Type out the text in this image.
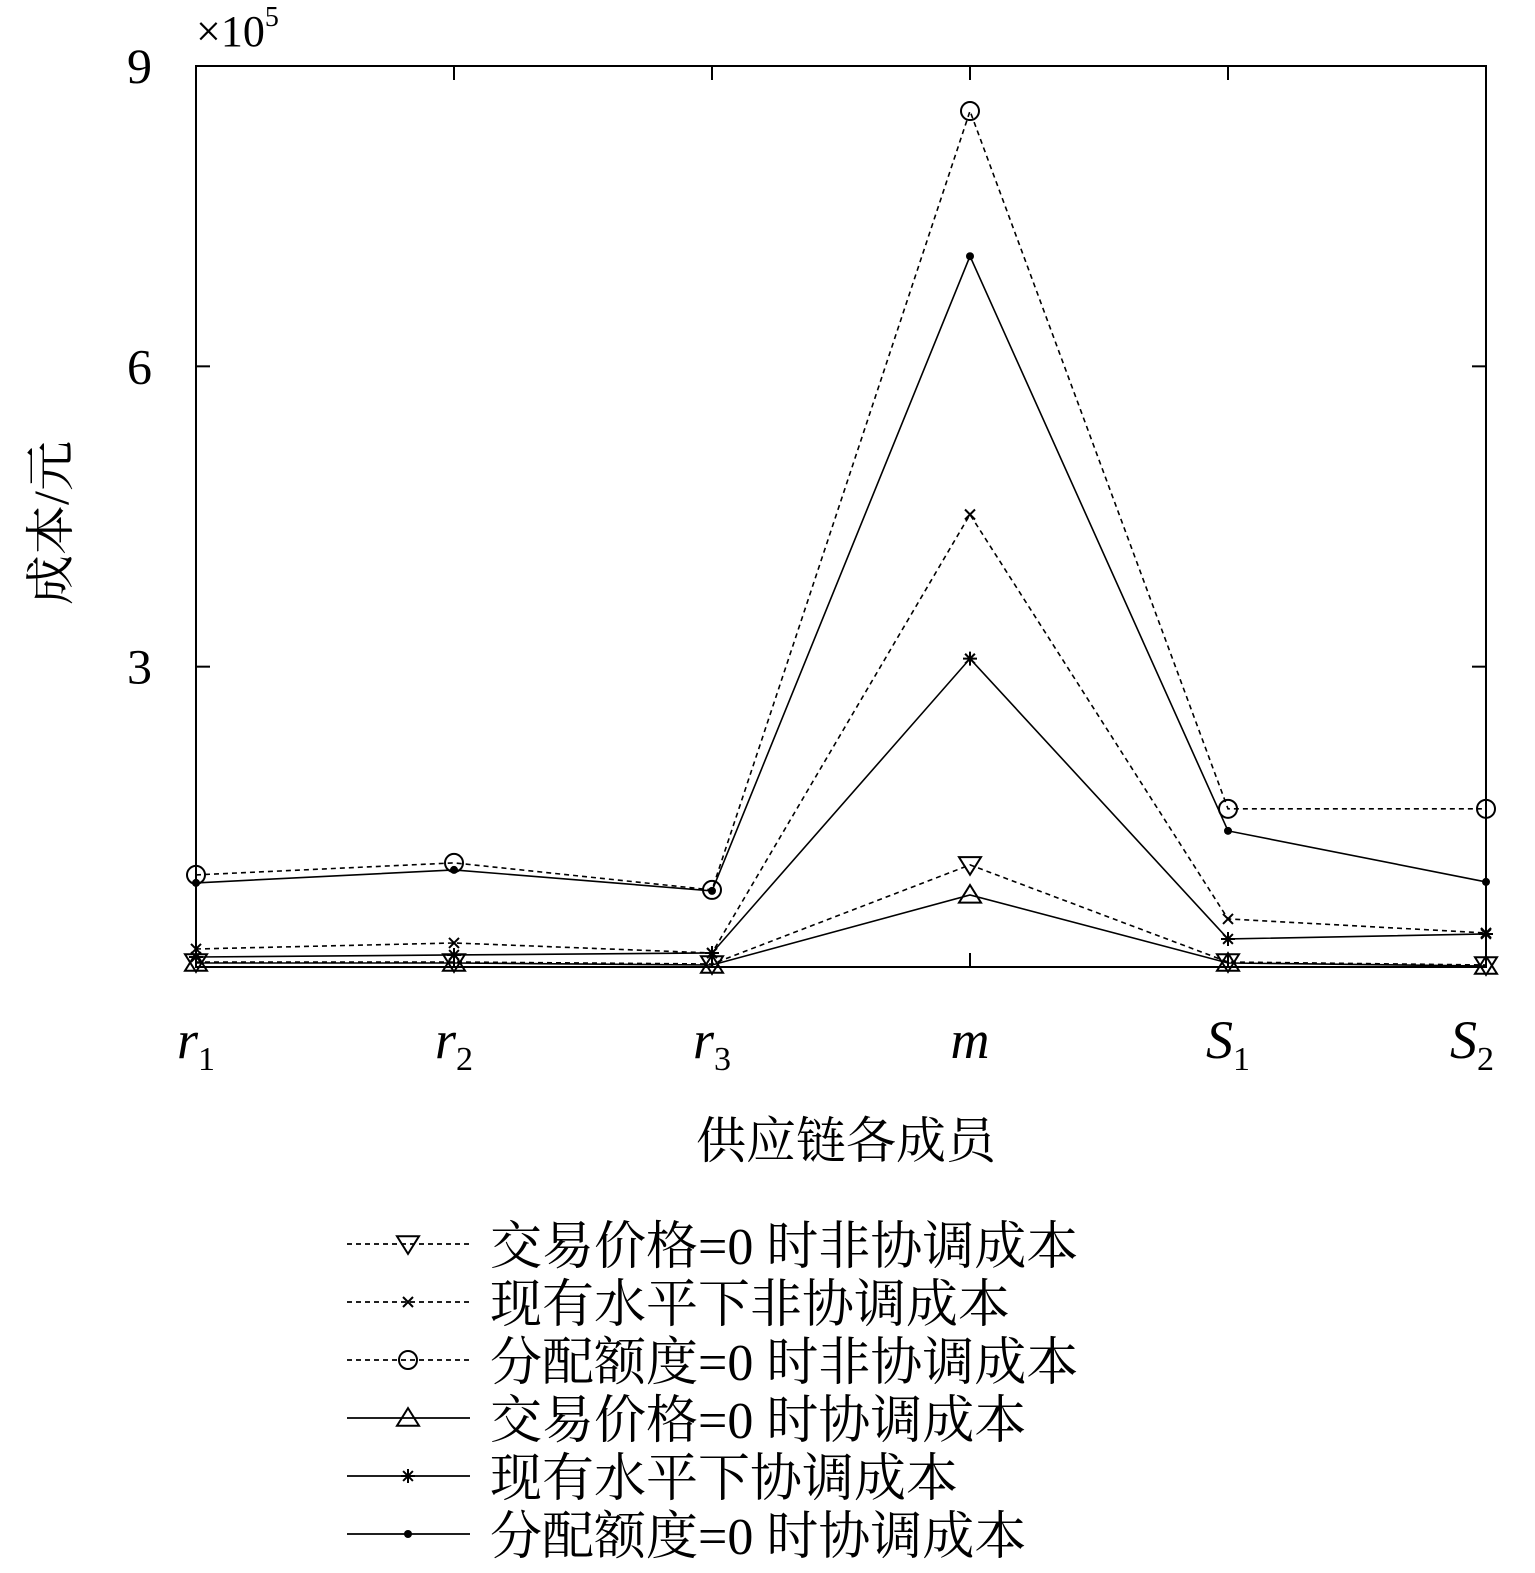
9
6
3
$\times 10^5$
$r_1$	$r_2$	$r_3$	m	$S_1$	$S_2$
成本/元
供应链各成员
交易价格=0 时非协调成本
现有水平下非协调成本
分配额度=0 时非协调成本
交易价格=0 时协调成本
现有水平下协调成本
分配额度=0 时协调成本
